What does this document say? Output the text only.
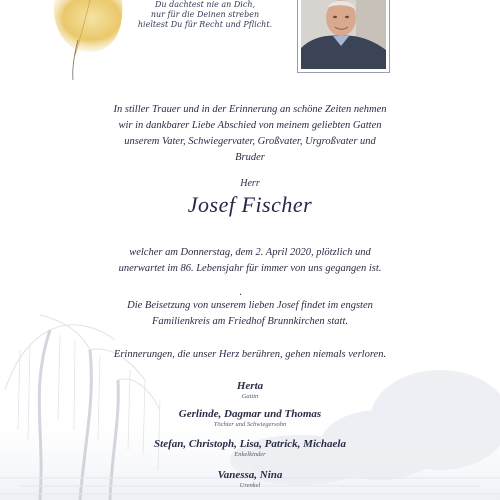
Du dachtest nie an Dich,
nur für die Deinen streben
hieltest Du für Recht und Pflicht.
In stiller Trauer und in der Erinnerung an schöne Zeiten nehmen
wir in dankbarer Liebe Abschied von meinem geliebten Gatten
unserem Vater, Schwiegervater, Großvater, Urgroßvater und
Bruder
Herr
Josef Fischer
welcher am Donnerstag, dem 2. April 2020, plötzlich und
unerwartet im 86. Lebensjahr für immer von uns gegangen ist.
.
Die Beisetzung von unserem lieben Josef findet im engsten
Familienkreis am Friedhof Brunnkirchen statt.
Erinnerungen, die unser Herz berühren, gehen niemals verloren.
Herta
Gattin
Gerlinde, Dagmar und Thomas
Töchter und Schwiegersohn
Stefan, Christoph, Lisa, Patrick, Michaela
Enkelkinder
Vanessa, Nina
Urenkel
